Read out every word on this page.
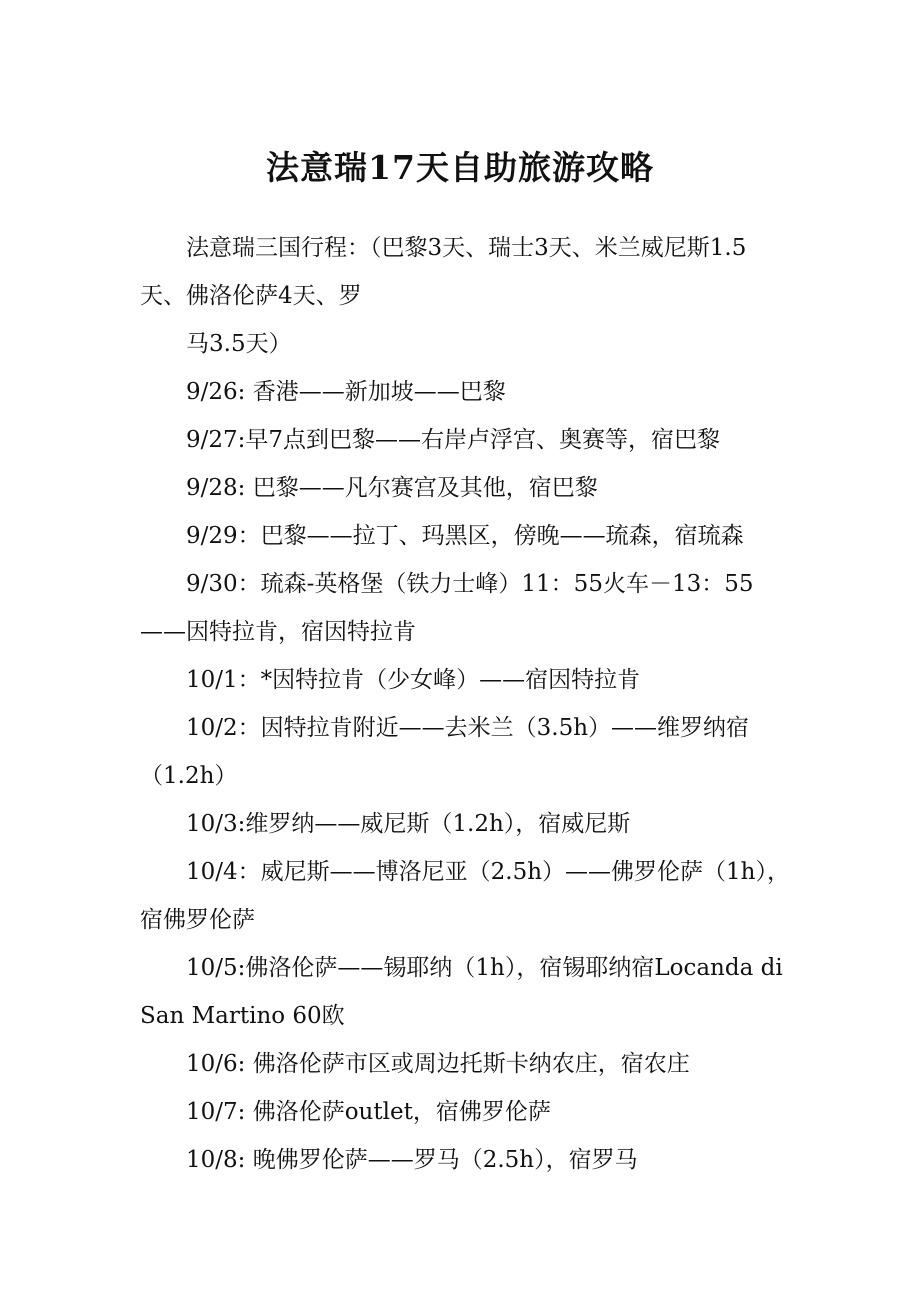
法意瑞17天自助旅游攻略

法意瑞三国行程：（巴黎3天、瑞士3天、米兰威尼斯1.5天、佛洛伦萨4天、罗

马3.5天）

9/26: 香港——新加坡——巴黎

9/27:早7点到巴黎——右岸卢浮宫、奥赛等，宿巴黎

9/28: 巴黎——凡尔赛宫及其他，宿巴黎

9/29：巴黎——拉丁、玛黑区，傍晚——琉森，宿琉森

9/30：琉森-英格堡（铁力士峰）11：55火车－13：55——因特拉肯，宿因特拉肯

10/1：*因特拉肯（少女峰）——宿因特拉肯

10/2：因特拉肯附近——去米兰（3.5h）——维罗纳宿（1.2h）

10/3:维罗纳——威尼斯（1.2h），宿威尼斯

10/4：威尼斯——博洛尼亚（2.5h）——佛罗伦萨（1h），宿佛罗伦萨

10/5:佛洛伦萨——锡耶纳（1h），宿锡耶纳宿Locanda di San Martino 60欧

10/6: 佛洛伦萨市区或周边托斯卡纳农庄，宿农庄

10/7: 佛洛伦萨outlet，宿佛罗伦萨

10/8: 晚佛罗伦萨——罗马（2.5h），宿罗马
